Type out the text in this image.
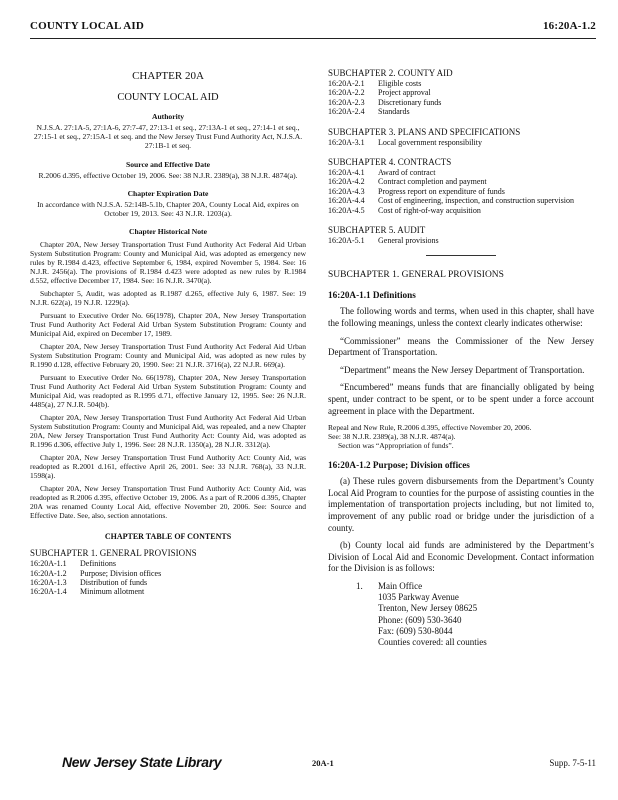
COUNTY LOCAL AID	16:20A-1.2
CHAPTER 20A
COUNTY LOCAL AID
Authority
N.J.S.A. 27:1A-5, 27:1A-6, 27:7-47, 27:13-1 et seq., 27:13A-1 et seq., 27:14-1 et seq., 27:15-1 et seq., 27:15A-1 et seq. and the New Jersey Trust Fund Authority Act, N.J.S.A. 27:1B-1 et seq.
Source and Effective Date
R.2006 d.395, effective October 19, 2006. See: 38 N.J.R. 2389(a), 38 N.J.R. 4874(a).
Chapter Expiration Date
In accordance with N.J.S.A. 52:14B-5.1b, Chapter 20A, County Local Aid, expires on October 19, 2013. See: 43 N.J.R. 1203(a).
Chapter Historical Note

Chapter 20A, New Jersey Transportation Trust Fund Authority Act Federal Aid Urban System Substitution Program: County and Municipal Aid, was adopted as emergency new rules by R.1984 d.423, effective September 6, 1984, expired November 5, 1984. See: 16 N.J.R. 2456(a). The provisions of R.1984 d.423 were adopted as new rules by R.1984 d.552, effective December 17, 1984. See: 16 N.J.R. 3470(a).

Subchapter 5, Audit, was adopted as R.1987 d.265, effective July 6, 1987. See: 19 N.J.R. 622(a), 19 N.J.R. 1229(a).

Pursuant to Executive Order No. 66(1978), Chapter 20A, New Jersey Transportation Trust Fund Authority Act Federal Aid Urban System Substitution Program: County and Municipal Aid, expired on December 17, 1989.

Chapter 20A, New Jersey Transportation Trust Fund Authority Act Federal Aid Urban System Substitution Program: County and Municipal Aid, was adopted as new rules by R.1990 d.128, effective February 20, 1990. See: 21 N.J.R. 3716(a), 22 N.J.R. 669(a).

Pursuant to Executive Order No. 66(1978), Chapter 20A, New Jersey Transportation Trust Fund Authority Act Federal Aid Urban System Substitution Program: County and Municipal Aid, was readopted as R.1995 d.71, effective January 12, 1995. See: 26 N.J.R. 4485(a), 27 N.J.R. 504(b).

Chapter 20A, New Jersey Transportation Trust Fund Authority Act Federal Aid Urban System Substitution Program: County and Municipal Aid, was repealed, and a new Chapter 20A, New Jersey Transportation Trust Fund Authority Act: County Aid, was adopted as R.1996 d.306, effective July 1, 1996. See: 28 N.J.R. 1350(a), 28 N.J.R. 3312(a).

Chapter 20A, New Jersey Transportation Trust Fund Authority Act: County Aid, was readopted as R.2001 d.161, effective April 26, 2001. See: 33 N.J.R. 768(a), 33 N.J.R. 1598(a).

Chapter 20A, New Jersey Transportation Trust Fund Authority Act: County Aid, was readopted as R.2006 d.395, effective October 19, 2006. As a part of R.2006 d.395, Chapter 20A was renamed County Local Aid, effective November 20, 2006. See: Source and Effective Date. See, also, section annotations.

CHAPTER TABLE OF CONTENTS
SUBCHAPTER 1. GENERAL PROVISIONS
16:20A-1.1	Definitions
16:20A-1.2	Purpose; Division offices
16:20A-1.3	Distribution of funds
16:20A-1.4	Minimum allotment
SUBCHAPTER 2. COUNTY AID
16:20A-2.1	Eligible costs
16:20A-2.2	Project approval
16:20A-2.3	Discretionary funds
16:20A-2.4	Standards
SUBCHAPTER 3. PLANS AND SPECIFICATIONS
16:20A-3.1	Local government responsibility
SUBCHAPTER 4. CONTRACTS
16:20A-4.1	Award of contract
16:20A-4.2	Contract completion and payment
16:20A-4.3	Progress report on expenditure of funds
16:20A-4.4	Cost of engineering, inspection, and construction supervision
16:20A-4.5	Cost of right-of-way acquisition
SUBCHAPTER 5. AUDIT
16:20A-5.1	General provisions
SUBCHAPTER 1. GENERAL PROVISIONS
16:20A-1.1 Definitions

The following words and terms, when used in this chapter, shall have the following meanings, unless the context clearly indicates otherwise:

“Commissioner” means the Commissioner of the New Jersey Department of Transportation.

“Department” means the New Jersey Department of Transportation.

“Encumbered” means funds that are financially obligated by being spent, under contract to be spent, or to be spent under a force account agreement in place with the Department.

Repeal and New Rule, R.2006 d.395, effective November 20, 2006.
See: 38 N.J.R. 2389(a), 38 N.J.R. 4874(a).
Section was “Appropriation of funds”.
16:20A-1.2 Purpose; Division offices

(a) These rules govern disbursements from the Department’s County Local Aid Program to counties for the purpose of assisting counties in the implementation of transportation projects including, but not limited to, improvement of any public road or bridge under the jurisdiction of a county.

(b) County local aid funds are administered by the Department’s Division of Local Aid and Economic Development. Contact information for the Division is as follows:

1. Main Office
1035 Parkway Avenue
Trenton, New Jersey 08625
Phone: (609) 530-3640
Fax: (609) 530-8044
Counties covered: all counties
New Jersey State Library	20A-1	Supp. 7-5-11
